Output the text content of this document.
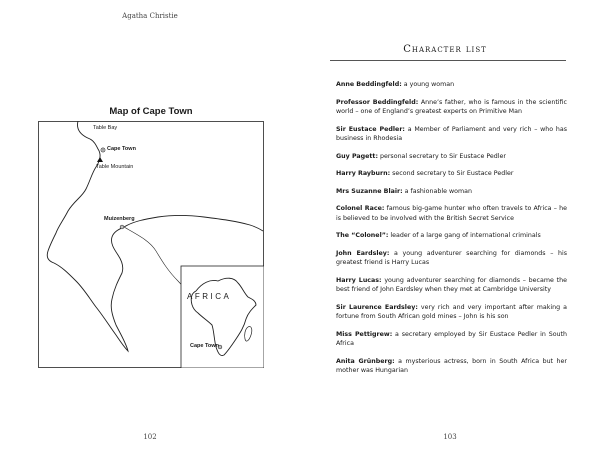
Agatha Christie
Map of Cape Town
Table Bay
Cape Town
Table Mountain
Muizenberg
AFRICA
Cape Town
102
Character list
Anne Beddingfeld: a young woman
Professor Beddingfeld: Anne’s father, who is famous in the scientific world – one of England’s greatest experts on Primitive Man
Sir Eustace Pedler: a Member of Parliament and very rich – who has business in Rhodesia
Guy Pagett: personal secretary to Sir Eustace Pedler
Harry Rayburn: second secretary to Sir Eustace Pedler
Mrs Suzanne Blair: a fashionable woman
Colonel Race: famous big-game hunter who often travels to Africa – he is believed to be involved with the British Secret Service
The “Colonel”: leader of a large gang of international criminals
John Eardsley: a young adventurer searching for diamonds – his greatest friend is Harry Lucas
Harry Lucas: young adventurer searching for diamonds – became the best friend of John Eardsley when they met at Cambridge University
Sir Laurence Eardsley: very rich and very important after making a fortune from South African gold mines – John is his son
Miss Pettigrew: a secretary employed by Sir Eustace Pedler in South Africa
Anita Grünberg: a mysterious actress, born in South Africa but her mother was Hungarian
103
